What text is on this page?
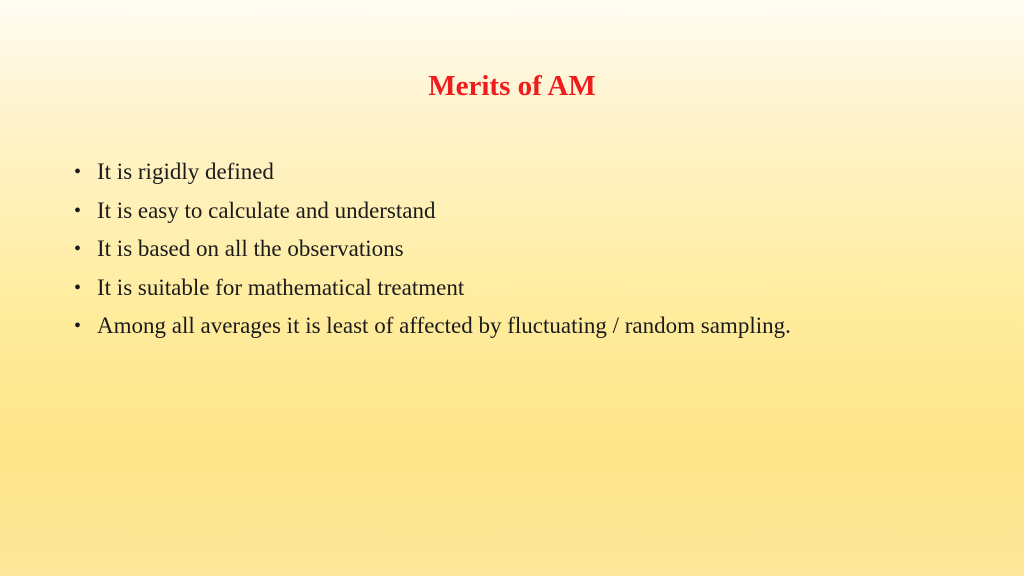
Merits of AM
• It is rigidly defined
• It is easy to calculate and understand
• It is based on all the observations
• It is suitable for mathematical treatment
• Among all averages it is least of affected by fluctuating / random sampling.
